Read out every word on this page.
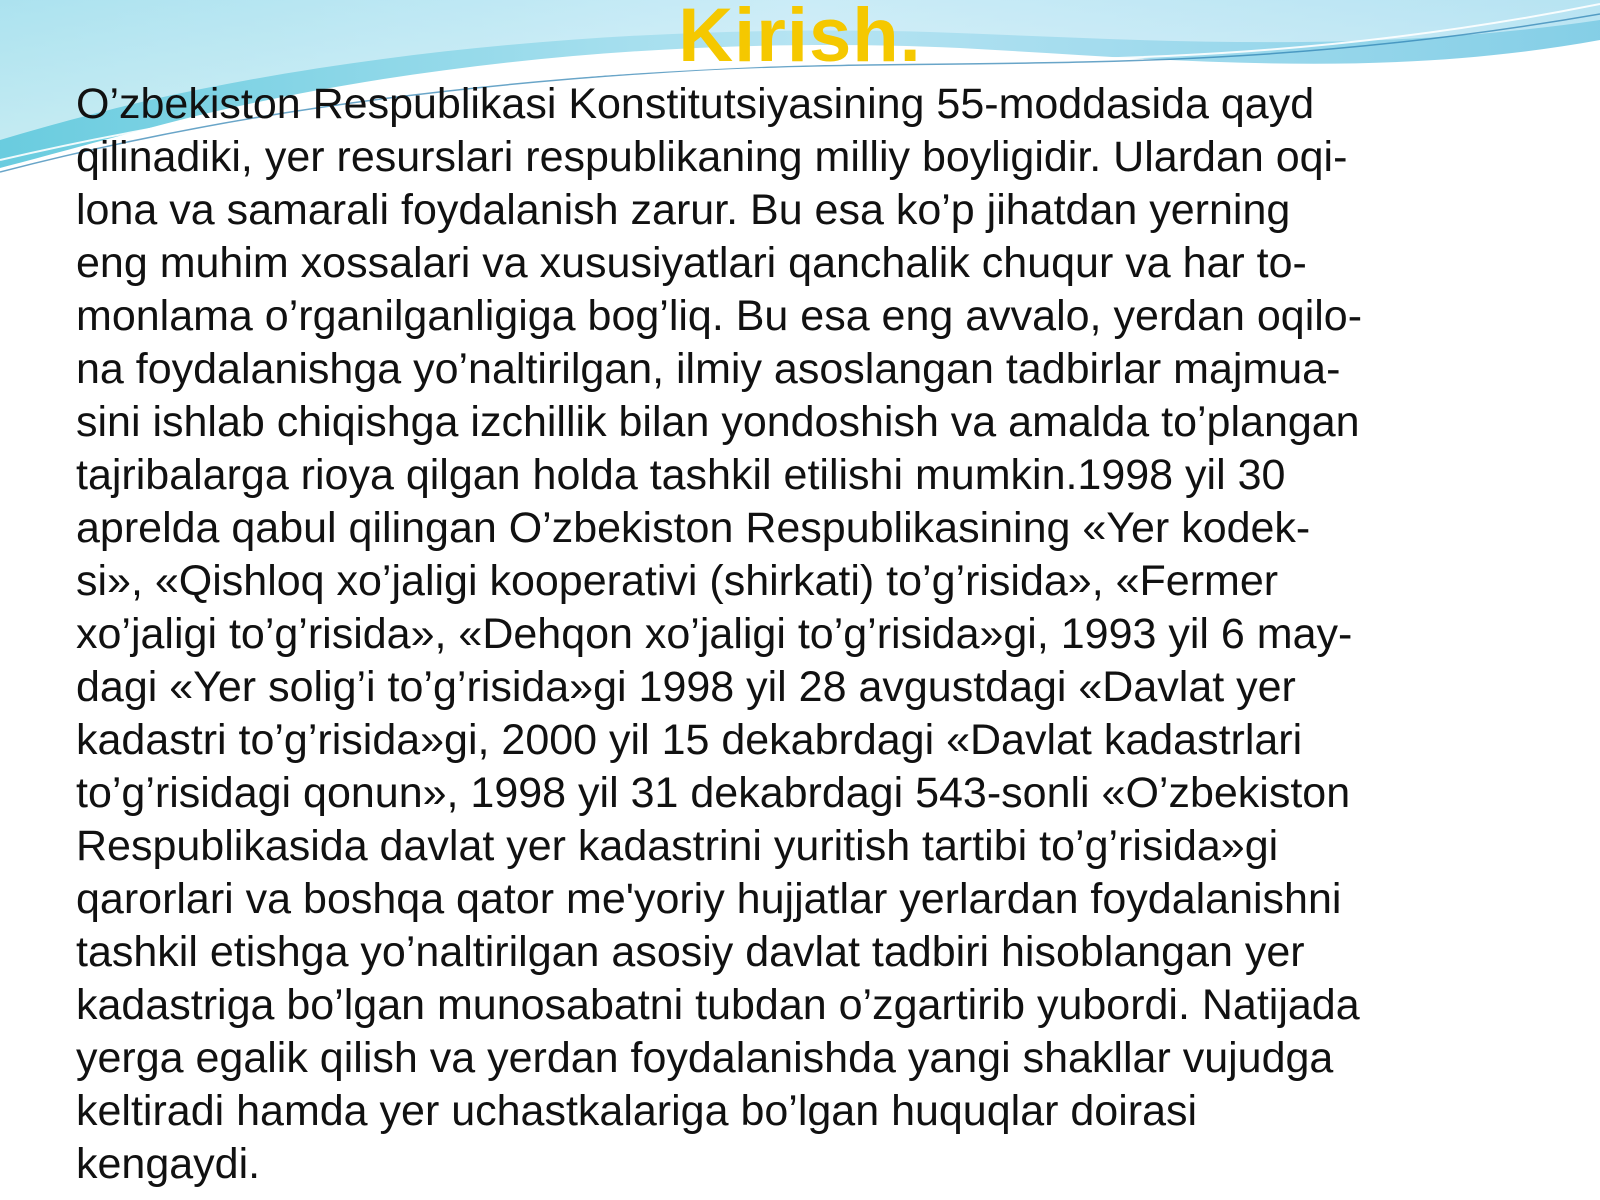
Kirish.
O’zbekiston Respublikasi Konstitutsiyasining 55-moddasida qayd
qilinadiki, yer resurslari respublikaning milliy boyligidir. Ulardan oqi-
lona va samarali foydalanish zarur. Bu esa ko’p jihatdan yerning
eng muhim xossalari va xususiyatlari qanchalik chuqur va har to-
monlama o’rganilganligiga bog’liq. Bu esa eng avvalo, yerdan oqilo-
na foydalanishga yo’naltirilgan, ilmiy asoslangan tadbirlar majmua-
sini ishlab chiqishga izchillik bilan yondoshish va amalda to’plangan
tajribalarga rioya qilgan holda tashkil etilishi mumkin.1998 yil 30
aprelda qabul qilingan O’zbekiston Respublikasining «Yer kodek-
si», «Qishloq xo’jaligi kooperativi (shirkati) to’g’risida», «Fermer
xo’jaligi to’g’risida», «Dehqon xo’jaligi to’g’risida»gi, 1993 yil 6 may-
dagi «Yer solig’i to’g’risida»gi 1998 yil 28 avgustdagi «Davlat yer
kadastri to’g’risida»gi, 2000 yil 15 dekabrdagi «Davlat kadastrlari
to’g’risidagi qonun», 1998 yil 31 dekabrdagi 543-sonli «O’zbekiston
Respublikasida davlat yer kadastrini yuritish tartibi to’g’risida»gi
qarorlari va boshqa qator me'yoriy hujjatlar yerlardan foydalanishni
tashkil etishga yo’naltirilgan asosiy davlat tadbiri hisoblangan yer
kadastriga bo’lgan munosabatni tubdan o’zgartirib yubordi. Natijada
yerga egalik qilish va yerdan foydalanishda yangi shakllar vujudga
keltiradi hamda yer uchastkalariga bo’lgan huquqlar doirasi
kengaydi.
